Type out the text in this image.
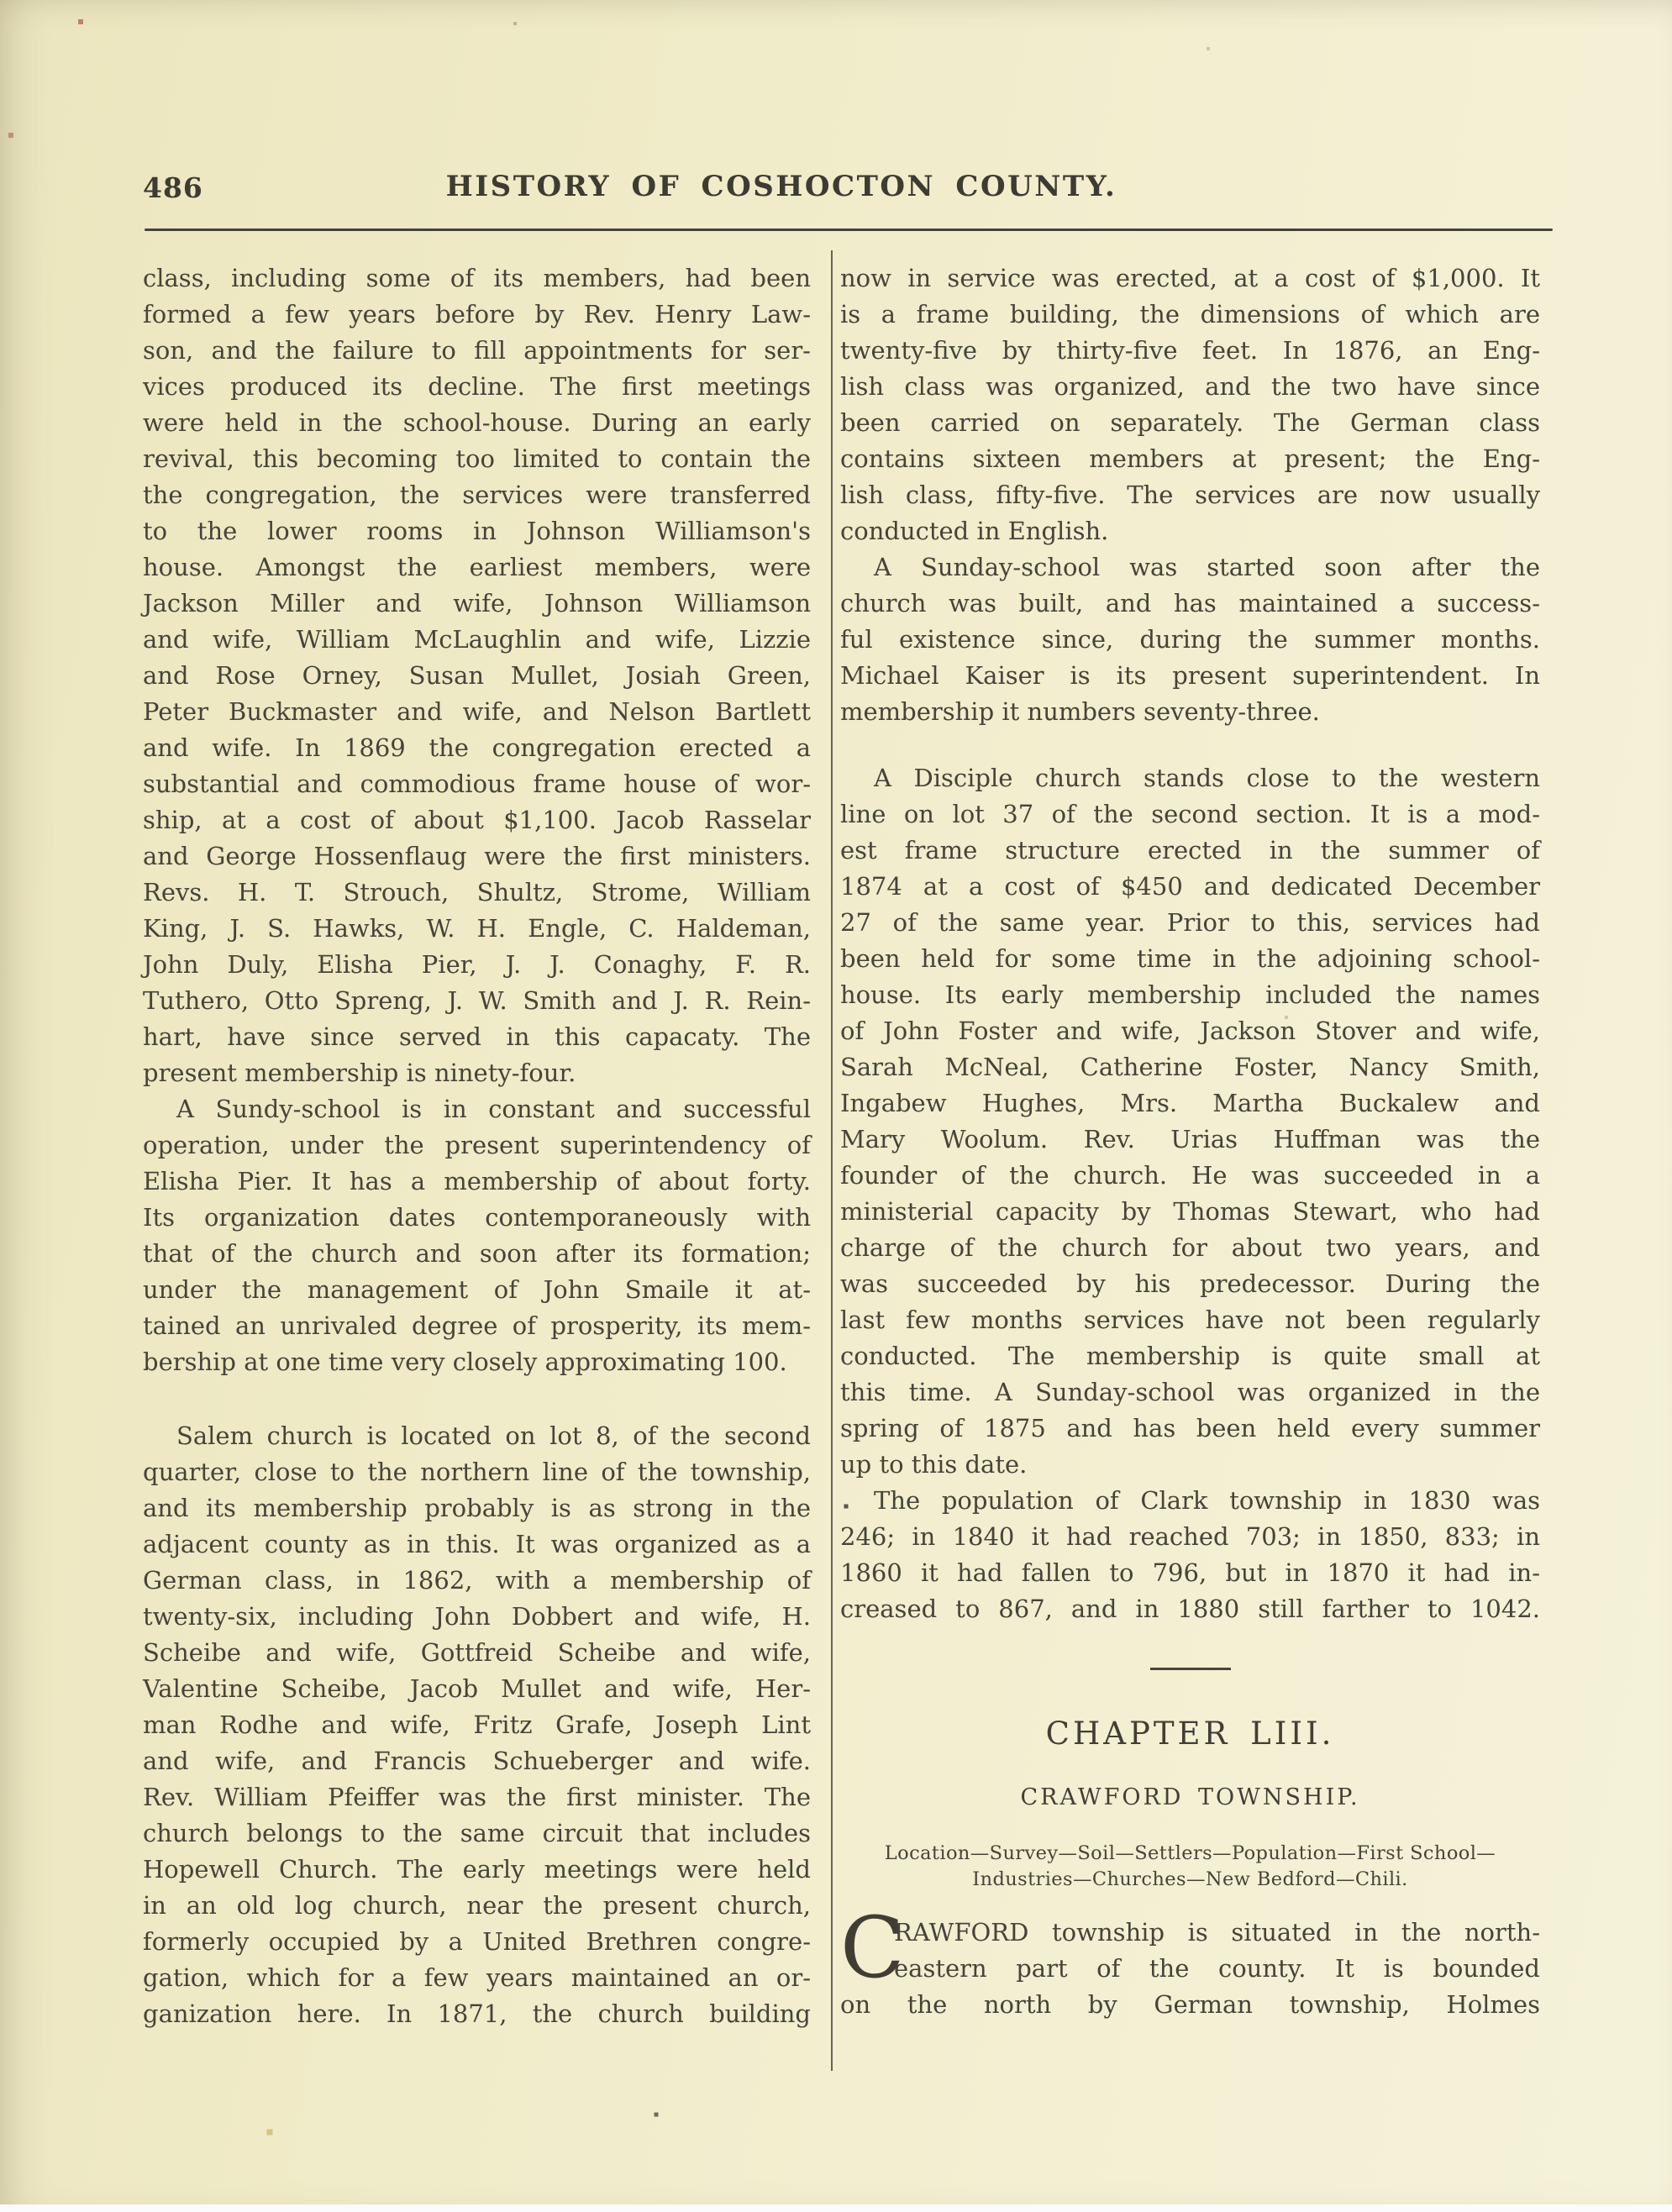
486	HISTORY OF COSHOCTON COUNTY.
class, including some of its members, had been
formed a few years before by Rev. Henry Law-
son, and the failure to fill appointments for ser-
vices produced its decline. The first meetings
were held in the school-house. During an early
revival, this becoming too limited to contain the
the congregation, the services were transferred
to the lower rooms in Johnson Williamson's
house. Amongst the earliest members, were
Jackson Miller and wife, Johnson Williamson
and wife, William McLaughlin and wife, Lizzie
and Rose Orney, Susan Mullet, Josiah Green,
Peter Buckmaster and wife, and Nelson Bartlett
and wife. In 1869 the congregation erected a
substantial and commodious frame house of wor-
ship, at a cost of about $1,100. Jacob Rasselar
and George Hossenflaug were the first ministers.
Revs. H. T. Strouch, Shultz, Strome, William
King, J. S. Hawks, W. H. Engle, C. Haldeman,
John Duly, Elisha Pier, J. J. Conaghy, F. R.
Tuthero, Otto Spreng, J. W. Smith and J. R. Rein-
hart, have since served in this capacaty. The
present membership is ninety-four.
A Sundy-school is in constant and successful
operation, under the present superintendency of
Elisha Pier. It has a membership of about forty.
Its organization dates contemporaneously with
that of the church and soon after its formation;
under the management of John Smaile it at-
tained an unrivaled degree of prosperity, its mem-
bership at one time very closely approximating 100.
Salem church is located on lot 8, of the second
quarter, close to the northern line of the township,
and its membership probably is as strong in the
adjacent county as in this. It was organized as a
German class, in 1862, with a membership of
twenty-six, including John Dobbert and wife, H.
Scheibe and wife, Gottfreid Scheibe and wife,
Valentine Scheibe, Jacob Mullet and wife, Her-
man Rodhe and wife, Fritz Grafe, Joseph Lint
and wife, and Francis Schueberger and wife.
Rev. William Pfeiffer was the first minister. The
church belongs to the same circuit that includes
Hopewell Church. The early meetings were held
in an old log church, near the present church,
formerly occupied by a United Brethren congre-
gation, which for a few years maintained an or-
ganization here. In 1871, the church building
now in service was erected, at a cost of $1,000. It
is a frame building, the dimensions of which are
twenty-five by thirty-five feet. In 1876, an Eng-
lish class was organized, and the two have since
been carried on separately. The German class
contains sixteen members at present; the Eng-
lish class, fifty-five. The services are now usually
conducted in English.
A Sunday-school was started soon after the
church was built, and has maintained a success-
ful existence since, during the summer months.
Michael Kaiser is its present superintendent. In
membership it numbers seventy-three.
A Disciple church stands close to the western
line on lot 37 of the second section. It is a mod-
est frame structure erected in the summer of
1874 at a cost of $450 and dedicated December
27 of the same year. Prior to this, services had
been held for some time in the adjoining school-
house. Its early membership included the names
of John Foster and wife, Jackson Stover and wife,
Sarah McNeal, Catherine Foster, Nancy Smith,
Ingabew Hughes, Mrs. Martha Buckalew and
Mary Woolum. Rev. Urias Huffman was the
founder of the church. He was succeeded in a
ministerial capacity by Thomas Stewart, who had
charge of the church for about two years, and
was succeeded by his predecessor. During the
last few months services have not been regularly
conducted. The membership is quite small at
this time. A Sunday-school was organized in the
spring of 1875 and has been held every summer
up to this date.
The population of Clark township in 1830 was
246; in 1840 it had reached 703; in 1850, 833; in
1860 it had fallen to 796, but in 1870 it had in-
creased to 867, and in 1880 still farther to 1042.
CHAPTER LIII.
CRAWFORD TOWNSHIP.
Location—Survey—Soil—Settlers—Population—First School—
Industries—Churches—New Bedford—Chili.
C
RAWFORD township is situated in the north-
eastern part of the county. It is bounded
on the north by German township, Holmes
